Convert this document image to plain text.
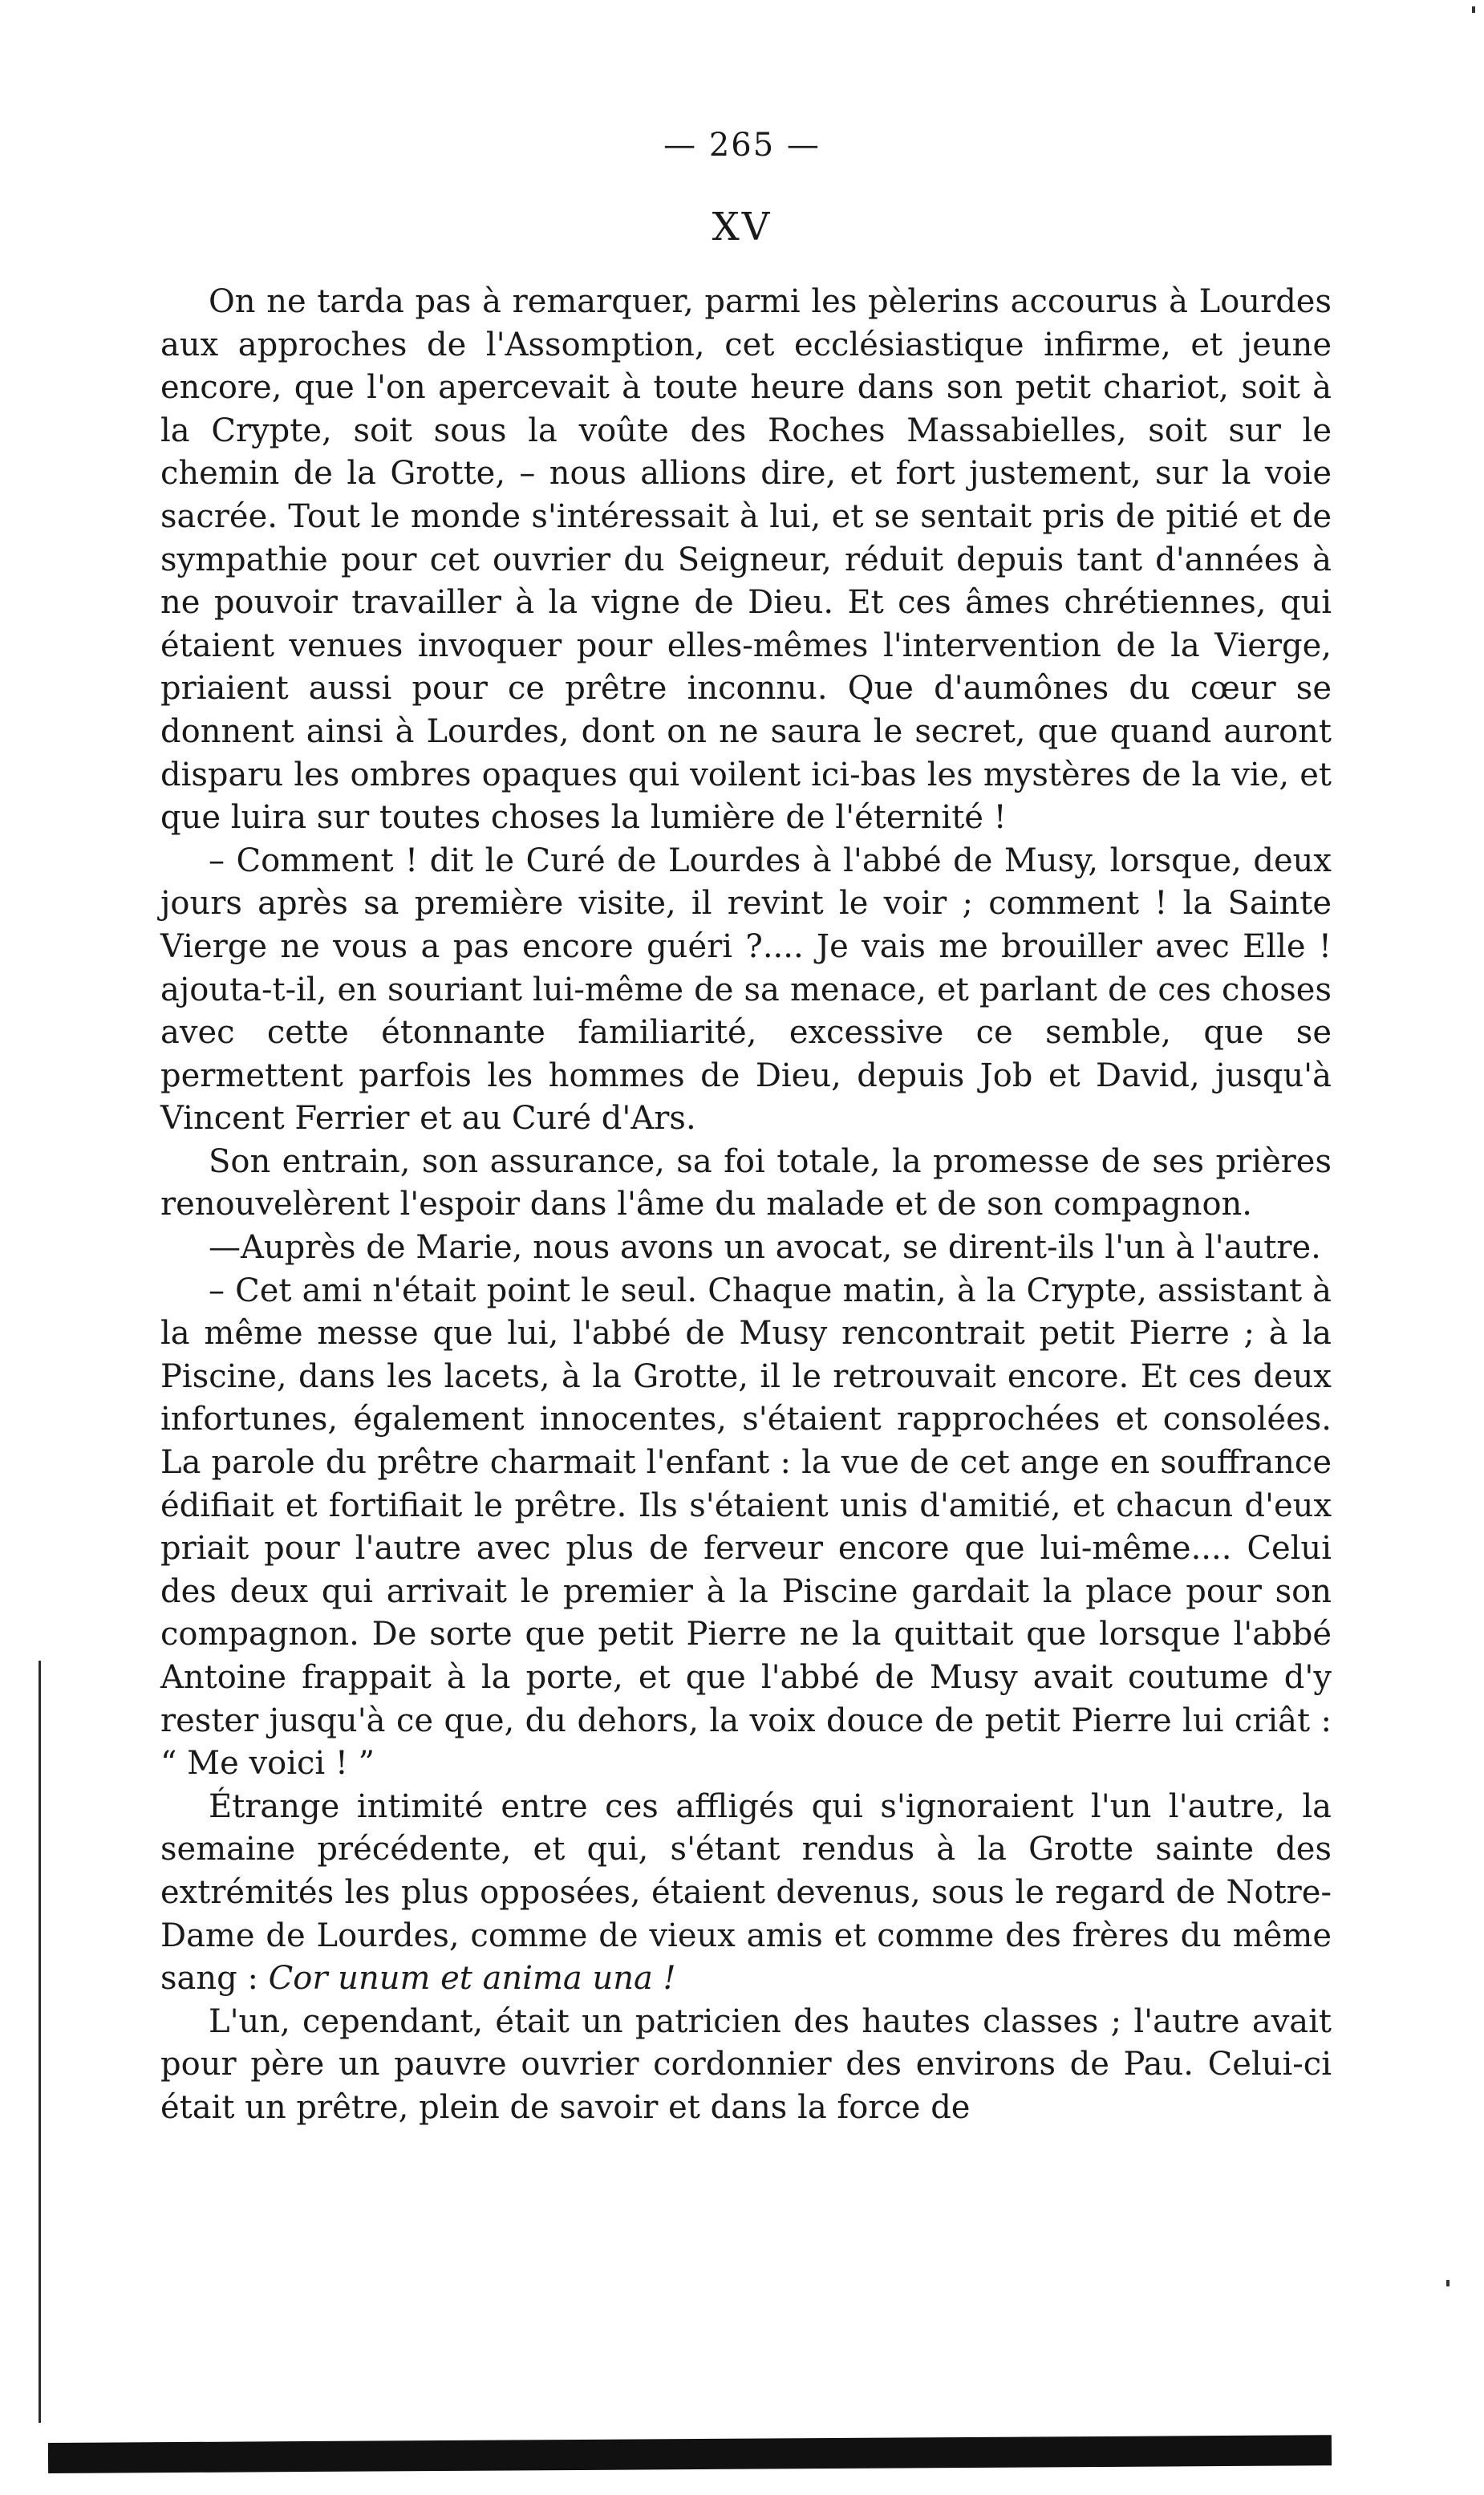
— 265 —
XV

On ne tarda pas à remarquer, parmi les pèlerins accourus à Lourdes aux approches de l'Assomption, cet ecclésiastique infirme, et jeune encore, que l'on apercevait à toute heure dans son petit chariot, soit à la Crypte, soit sous la voûte des Roches Massabielles, soit sur le chemin de la Grotte, – nous allions dire, et fort justement, sur la voie sacrée. Tout le monde s'intéressait à lui, et se sentait pris de pitié et de sympathie pour cet ouvrier du Seigneur, réduit depuis tant d'années à ne pouvoir travailler à la vigne de Dieu. Et ces âmes chrétiennes, qui étaient venues invoquer pour elles-mêmes l'intervention de la Vierge, priaient aussi pour ce prêtre inconnu. Que d'aumônes du cœur se donnent ainsi à Lourdes, dont on ne saura le secret, que quand auront disparu les ombres opaques qui voilent ici-bas les mystères de la vie, et que luira sur toutes choses la lumière de l'éternité !

– Comment ! dit le Curé de Lourdes à l'abbé de Musy, lorsque, deux jours après sa première visite, il revint le voir ; comment ! la Sainte Vierge ne vous a pas encore guéri ?.... Je vais me brouiller avec Elle ! ajouta-t-il, en souriant lui-même de sa menace, et parlant de ces choses avec cette étonnante familiarité, excessive ce semble, que se permettent parfois les hommes de Dieu, depuis Job et David, jusqu'à Vincent Ferrier et au Curé d'Ars.

Son entrain, son assurance, sa foi totale, la promesse de ses prières renouvelèrent l'espoir dans l'âme du malade et de son compagnon.

—Auprès de Marie, nous avons un avocat, se dirent-ils l'un à l'autre.

– Cet ami n'était point le seul. Chaque matin, à la Crypte, assistant à la même messe que lui, l'abbé de Musy rencontrait petit Pierre ; à la Piscine, dans les lacets, à la Grotte, il le retrouvait encore. Et ces deux infortunes, également innocentes, s'étaient rapprochées et consolées. La parole du prêtre charmait l'enfant : la vue de cet ange en souffrance édifiait et fortifiait le prêtre. Ils s'étaient unis d'amitié, et chacun d'eux priait pour l'autre avec plus de ferveur encore que lui-même.... Celui des deux qui arrivait le premier à la Piscine gardait la place pour son compagnon. De sorte que petit Pierre ne la quittait que lorsque l'abbé Antoine frappait à la porte, et que l'abbé de Musy avait coutume d'y rester jusqu'à ce que, du dehors, la voix douce de petit Pierre lui criât : “ Me voici ! ”

Étrange intimité entre ces affligés qui s'ignoraient l'un l'autre, la semaine précédente, et qui, s'étant rendus à la Grotte sainte des extrémités les plus opposées, étaient devenus, sous le regard de Notre-Dame de Lourdes, comme de vieux amis et comme des frères du même sang : Cor unum et anima una !

L'un, cependant, était un patricien des hautes classes ; l'autre avait pour père un pauvre ouvrier cordonnier des environs de Pau. Celui-ci était un prêtre, plein de savoir et dans la force de
